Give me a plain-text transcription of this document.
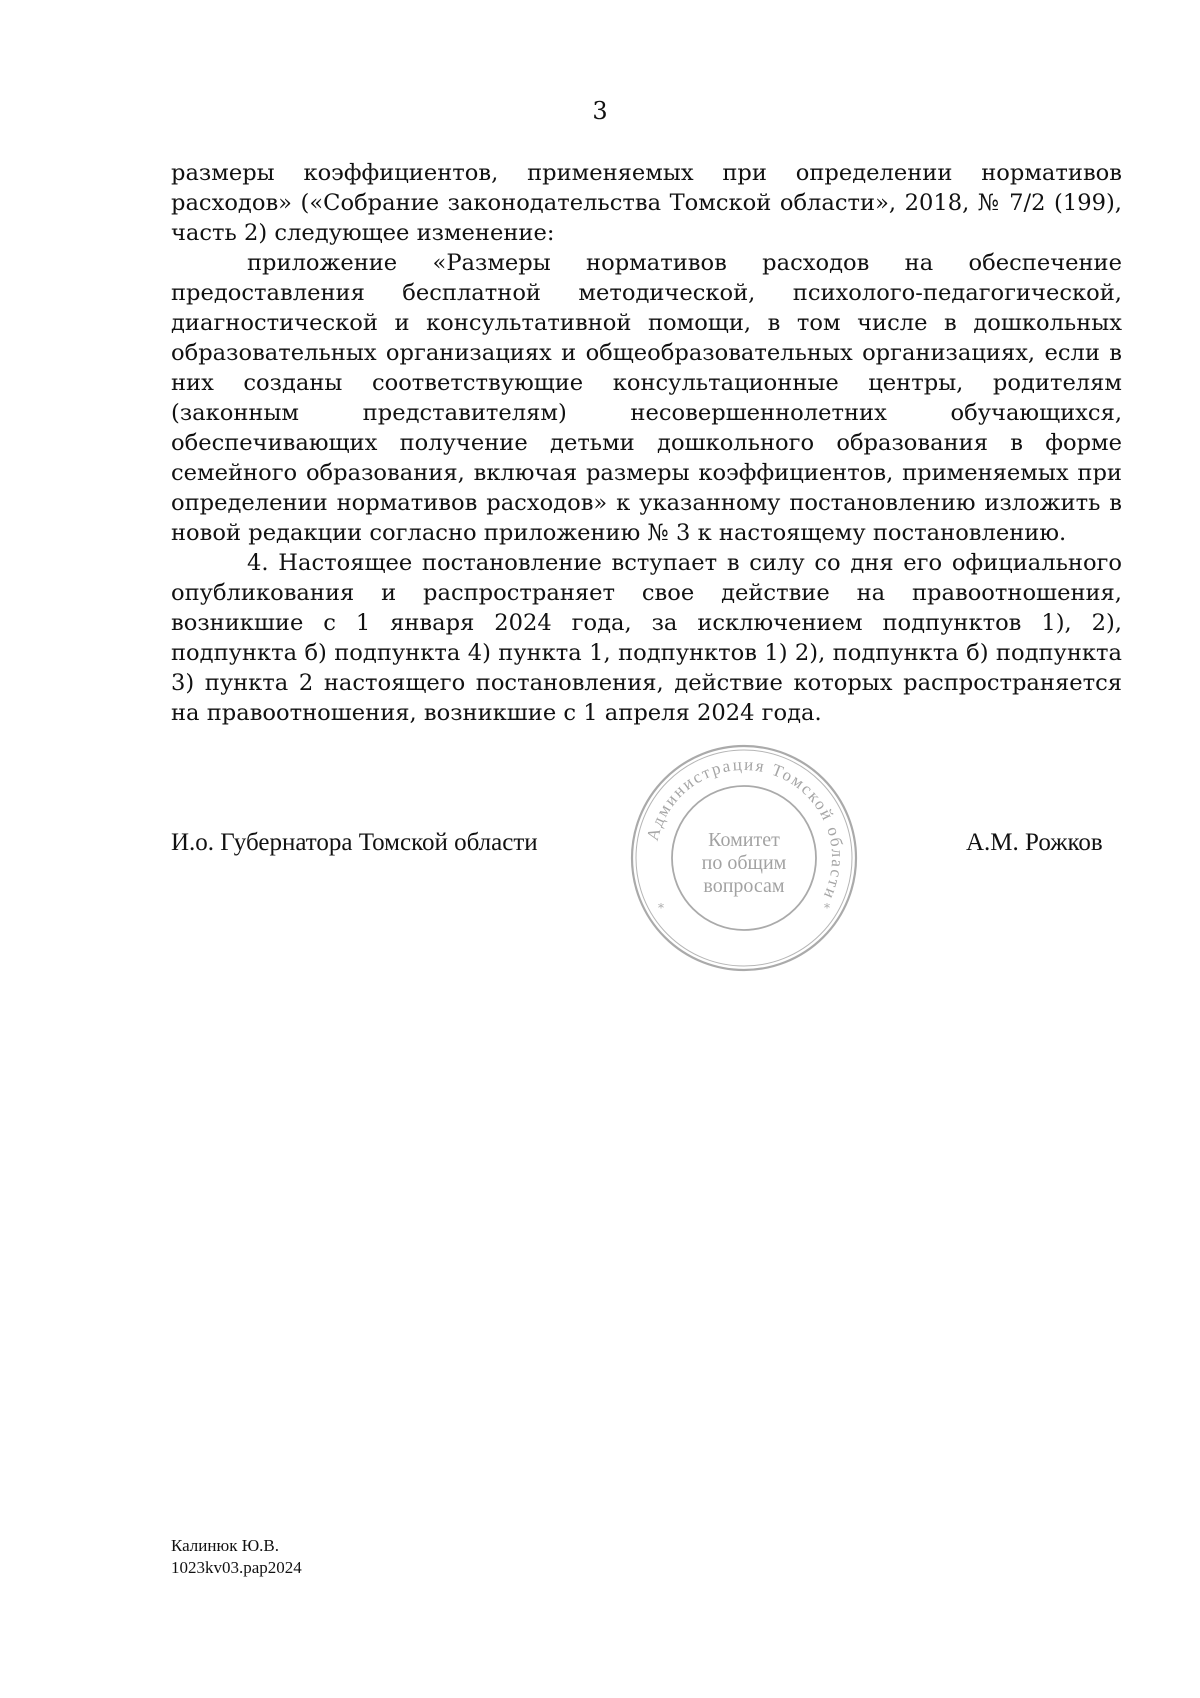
3

размеры коэффициентов, применяемых при определении нормативов расходов» («Собрание законодательства Томской области», 2018, № 7/2 (199), часть 2) следующее изменение:

приложение «Размеры нормативов расходов на обеспечение предоставления бесплатной методической, психолого-педагогической, диагностической и консультативной помощи, в том числе в дошкольных образовательных организациях и общеобразовательных организациях, если в них созданы соответствующие консультационные центры, родителям (законным представителям) несовершеннолетних обучающихся, обеспечивающих получение детьми дошкольного образования в форме семейного образования, включая размеры коэффициентов, применяемых при определении нормативов расходов» к указанному постановлению изложить в новой редакции согласно приложению № 3 к настоящему постановлению.

4. Настоящее постановление вступает в силу со дня его официального опубликования и распространяет свое действие на правоотношения, возникшие с 1 января 2024 года, за исключением подпунктов 1), 2), подпункта б) подпункта 4) пункта 1, подпунктов 1) 2), подпункта б) подпункта 3) пункта 2 настоящего постановления, действие которых распространяется на правоотношения, возникшие с 1 апреля 2024 года.

И.о. Губернатора Томской области	Администрация Томской области
*	*
Комитет
по общим
вопросам
А.М. Рожков
Калинюк Ю.В.
1023kv03.pap2024
